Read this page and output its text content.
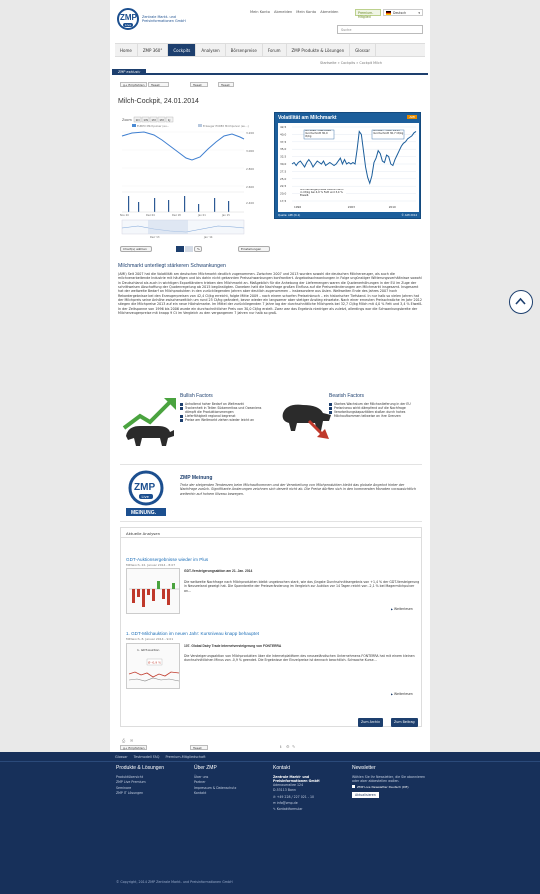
ZMP
Live
Zentrale Markt- und Preisinformationen GmbH
Mein Konto Abmelden Mein Konto Abmelden	Premium-Mitglied
Deutsch	▾
Suche
Home	ZMP 360°	Cockpits	Analysen	Börsenpreise	Forum	ZMP Produkte & Lösungen	Glossar
Startseite » Cockpits » Cockpit Milch
ZMP exklusiv
g+ Empfehlen	Tweet	Tweet	Tweet
Milch-Cockpit, 24.01.2014
Zoom 1D 1W 1M 1M 1J
EUREX Milchpulver (eu…	Erzeuger EUREX Milchpulver (eu…)
3.200
3.000
2.800
2.600
2.400
Nov 20	Dez 04	Dez 18	Jan 01	Jan 15
Dez '13	Jan '14
Chart(s) wählen	%	Einstellungen
Volatilität am Milchmarkt	AMI
42,5
40,0
37,5
35,0
32,5
30,0
27,5
25,0
22,5
20,0
17,5
Jan 1996 - Dez 2006 Durchschnitt 30,0 Ct/kg
Jan 2007 - Nov. 2013 Durchschnitt 30,7 Ct/kg
Milcherzeugerpreise Deutschland in Ct/kg bei 4,0 % Fett und 3,4 % Eiweiß
1996	2003	2010
Quelle: AMI (D-1)	© AMI 2014
Milchmarkt unterliegt stärkeren Schwankungen

(AMI) Seit 2007 hat die Volatilität am deutschen Milchmarkt deutlich zugenommen. Zwischen 2007 und 2013 wurden sowohl die deutschen Milcherzeuger, als auch die milchverarbeitende Industrie mit häufigen und bis dahin nicht gekannten Preisschwankungen konfrontiert. Angebotsschwankungen in Folge ungünstiger Witterungsverhältnisse sowohl in Deutschland als auch in wichtigen Exportländern trieben den Milchmarkt an. Maßgeblich für die Anhebung der Liefermengen waren die Quotenerhöhungen in der EU im Zuge der schrittweisen Abschaffung der Quotenregelung ab 2015 begünstigten. Daneben hatt die Nachfrage großen Einfluss auf die Preisveränderungen am Milchmarkt insgesamt. Insgesamt hat der weltweite Bedarf an Milchprodukten in den zurückliegenden Jahren aber deutlich zugenommen – insbesondere aus Asien. Weltweiten Ende des Jahres 2007 hoch Rekordergebnisse bei den Erzeugerpreisen von 42,4 Ct/kg erreicht, folgte Mitte 2009 – nach einem scharfen Preiseinbruch – ein historischer Tiefstand. In nur halb so vielen Jahren hat der Milchpreis seine Anhöhe zwischenzeitlich um rund 25 Ct/kg geändert, bevor wieder ein langsamer aber stetiger Anstieg einsetzte. Nach einer erneuten Preisschwäche im Jahr 2012 stiegen die Milchpreise 2013 auf ein neue Höchstmarke. Im Mittel der zurückliegenden 7 Jahre lag der durchschnittliche Milchpreis bei 32,7 Ct/kg Milch mit 4,0 % Fett und 3,4 % Eiweiß. In der Zeitspanne von 1996 bis 2006 wurde ein durchschnittlicher Preis von 30,0 Ct/kg erzielt. Zwar war das Ergebnis niedriger als zuletzt, allerdings war die Schwankungsbreite der Milcherzeugerpreise mit knapp 9 Ct im Vergleich zu den vergangenen 7 Jahren nur halb so groß.

Bullish Factors
Anhaltend hoher Bedarf an Weltmarkt
Trockenheit in Teilen Südamerikas und Ozeaniens dämpft die Produktionsmengen
Lieferfähigkeit regional begrenzt
Preise am Weltmarkt ziehen wieder leicht an
Bearish Factors
Starkes Wachstum der Milchanlieferung in der EU
Preisniveau wirkt dämpfend auf die Nachfrage
Verarbeitungskapazitäten stoßen durch hohes Milchaufkommen teilweise an ihre Grenzen
ZMP
Live
MEINUNG.
ZMP Meinung
Trotz der steigenden Tendenzen beim Milchaufkommen und der Verarbeitung von Milchprodukten bleibt das globale Angebot hinter der Nachfrage zurück. Signifikante Änderungen zeichnen sich derzeit nicht ab. Die Preise dürften sich in den kommenden Monaten voraussichtlich weiterhin auf hohem Niveau bewegen.
Aktuelle Analysen
GDT-Auktionsergebnisse wieder im Plus
Mittwoch, 22. Januar 2014 - 8:07
GDT-Versteigerungsaktion am 21. Jan. 2014
Die weltweite Nachfrage nach Milchprodukten bleibt ungebrochen stark, wie das jüngste Durchschnittsergebnis von +1,4 % der GDT-Versteigerung in Neuseeland gezeigt hat. Die Spannbreite der Preisveränderung im Vergleich zur Auktion vor 14 Tagen reicht von -2,1 % bei Magermilchpulver an…
▶ Weiterlesen
1. GDT-Milchauktion im neuen Jahr: Kursniveau knapp behauptet
Mittwoch, 8. Januar 2014 - 9:01
1. GDT-Auktion
Ø -0,9 %
107. Global Dairy Trade Internetversteigerung von FONTERRA
Die Versteigerungsaktion von Milchprodukten über die Internetplattform des neuseeländischen Unternehmens FONTERRA hat mit einem kleinen durchschnittlichen Minus von -0,9 % geendet. Die Ergebnisse der Einzelpreise ist dennoch beachtlich. Schwache Kurse…
▶ Weiterlesen
Zum Archiv	Zum Beitrag
⎙ ✉
g+ Empfehlen	Tweet	ℹ ⚙ ✎
Glossar Testmodell FAQ Premium-Mitgliedschaft
Produkte & Lösungen
Produktübersicht
ZMP Live Premium
Seminare
ZMP IT Lösungen
Über ZMP
Über uns
Partner
Impressum & Datenschutz
Kontakt
Kontakt
Zentrale Markt- und Preisinformationen GmbH
Adenauerallee 124
D-53113 Bonn
✆ +49 228 / 227 021 - 10
✉ info@zmp.de
✎ Kontaktformular
Newsletter
Wählen Sie Ihr Newsletter, die Sie abonnieren oder aber abbestellen wollen.
ZMP Live Newsletter Deutsch (DE)
Aktualisieren
© Copyright, 2014 ZMP Zentrale Markt- und Preisinformationen GmbH
